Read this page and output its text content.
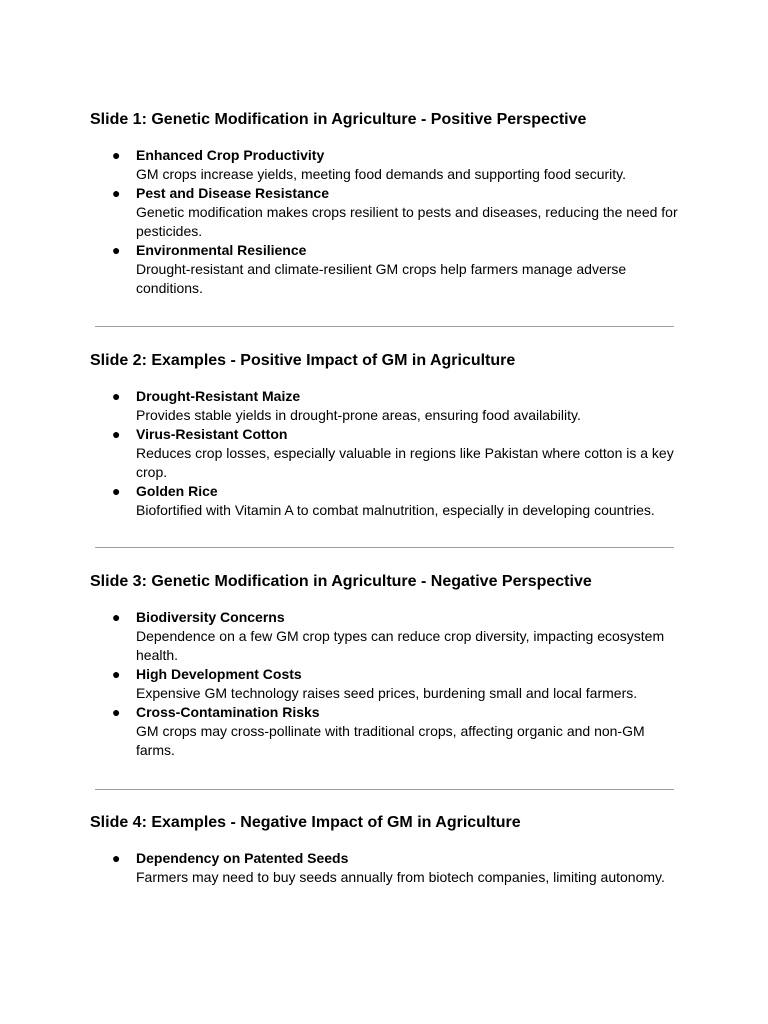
Slide 1: Genetic Modification in Agriculture - Positive Perspective
● Enhanced Crop Productivity
GM crops increase yields, meeting food demands and supporting food security.
● Pest and Disease Resistance
Genetic modification makes crops resilient to pests and diseases, reducing the need for pesticides.
● Environmental Resilience
Drought-resistant and climate-resilient GM crops help farmers manage adverse conditions.
Slide 2: Examples - Positive Impact of GM in Agriculture
● Drought-Resistant Maize
Provides stable yields in drought-prone areas, ensuring food availability.
● Virus-Resistant Cotton
Reduces crop losses, especially valuable in regions like Pakistan where cotton is a key crop.
● Golden Rice
Biofortified with Vitamin A to combat malnutrition, especially in developing countries.
Slide 3: Genetic Modification in Agriculture - Negative Perspective
● Biodiversity Concerns
Dependence on a few GM crop types can reduce crop diversity, impacting ecosystem health.
● High Development Costs
Expensive GM technology raises seed prices, burdening small and local farmers.
● Cross-Contamination Risks
GM crops may cross-pollinate with traditional crops, affecting organic and non-GM farms.
Slide 4: Examples - Negative Impact of GM in Agriculture
● Dependency on Patented Seeds
Farmers may need to buy seeds annually from biotech companies, limiting autonomy.
